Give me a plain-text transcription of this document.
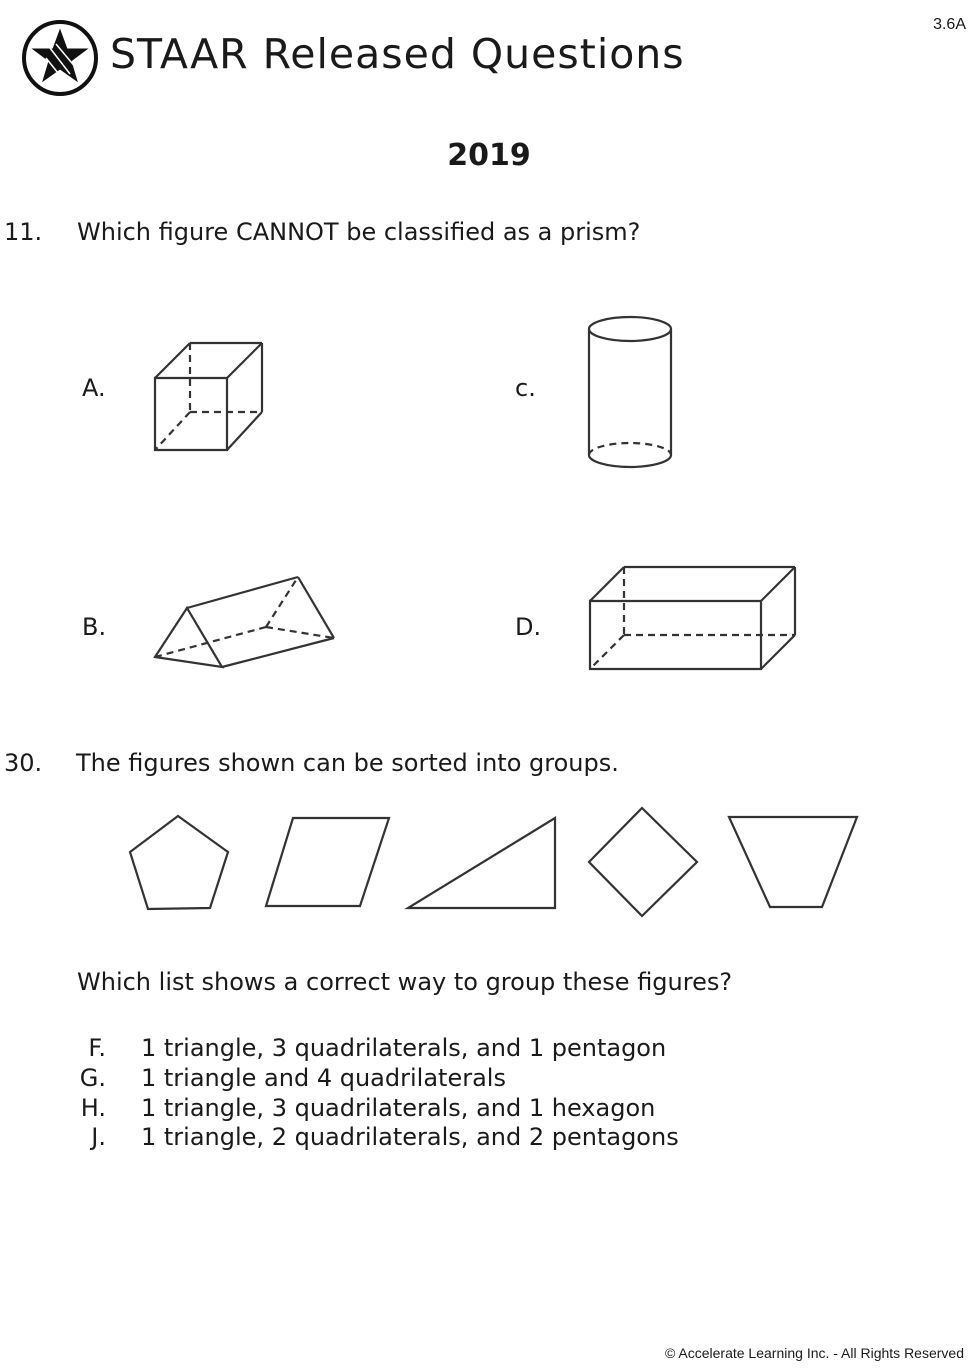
3.6A
STAAR Released Questions
2019
11. Which figure CANNOT be classified as a prism?
A.
B.
c.
D.
30. The figures shown can be sorted into groups.
Which list shows a correct way to group these figures?
F. 1 triangle, 3 quadrilaterals, and 1 pentagon
G. 1 triangle and 4 quadrilaterals
H. 1 triangle, 3 quadrilaterals, and 1 hexagon
J. 1 triangle, 2 quadrilaterals, and 2 pentagons
© Accelerate Learning Inc. - All Rights Reserved
